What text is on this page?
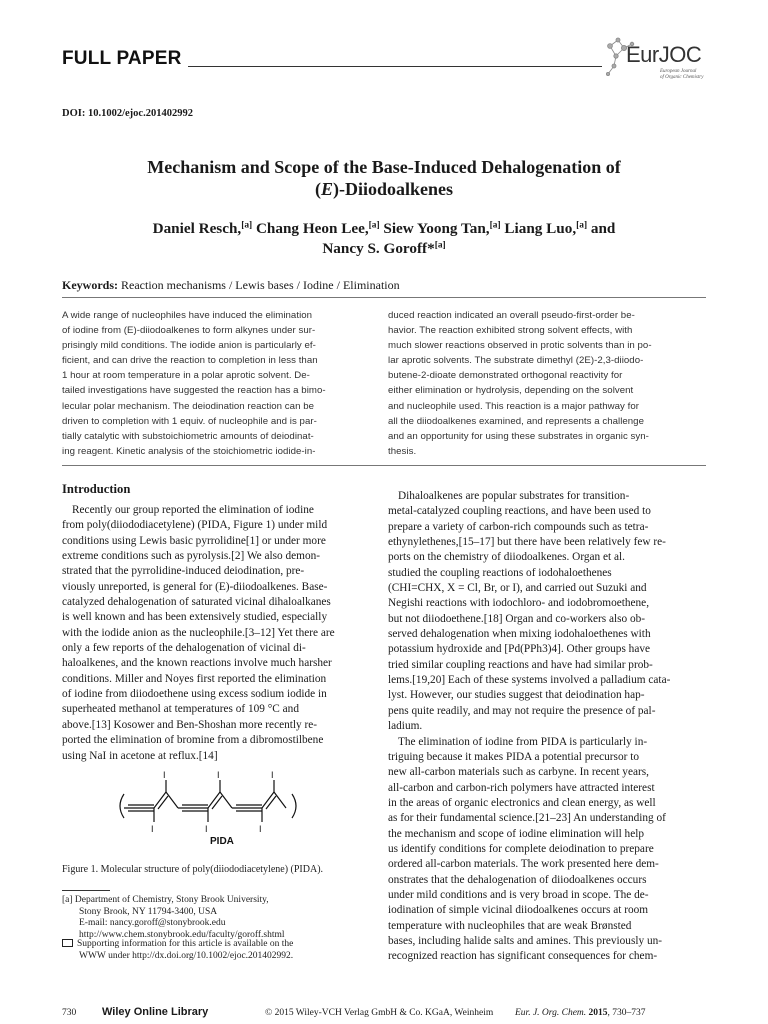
FULL PAPER	EurJOC
European Journal
of Organic Chemistry
DOI: 10.1002/ejoc.201402992
Mechanism and Scope of the Base-Induced Dehalogenation of
(E)-Diiodoalkenes
Daniel Resch,[a] Chang Heon Lee,[a] Siew Yoong Tan,[a] Liang Luo,[a] and
Nancy S. Goroff*[a]
Keywords: Reaction mechanisms / Lewis bases / Iodine / Elimination
A wide range of nucleophiles have induced the elimination
of iodine from (E)-diiodoalkenes to form alkynes under sur-
prisingly mild conditions. The iodide anion is particularly ef-
ficient, and can drive the reaction to completion in less than
1 hour at room temperature in a polar aprotic solvent. De-
tailed investigations have suggested the reaction has a bimo-
lecular polar mechanism. The deiodination reaction can be
driven to completion with 1 equiv. of nucleophile and is par-
tially catalytic with substoichiometric amounts of deiodinat-
ing reagent. Kinetic analysis of the stoichiometric iodide-in-
duced reaction indicated an overall pseudo-first-order be-
havior. The reaction exhibited strong solvent effects, with
much slower reactions observed in protic solvents than in po-
lar aprotic solvents. The substrate dimethyl (2E)-2,3-diiodo-
butene-2-dioate demonstrated orthogonal reactivity for
either elimination or hydrolysis, depending on the solvent
and nucleophile used. This reaction is a major pathway for
all the diiodoalkenes examined, and represents a challenge
and an opportunity for using these substrates in organic syn-
thesis.
Introduction
Recently our group reported the elimination of iodine
from poly(diiododiacetylene) (PIDA, Figure 1) under mild
conditions using Lewis basic pyrrolidine[1] or under more
extreme conditions such as pyrolysis.[2] We also demon-
strated that the pyrrolidine-induced deiodination, pre-
viously unreported, is general for (E)-diiodoalkenes. Base-
catalyzed dehalogenation of saturated vicinal dihaloalkanes
is well known and has been extensively studied, especially
with the iodide anion as the nucleophile.[3–12] Yet there are
only a few reports of the dehalogenation of vicinal di-
haloalkenes, and the known reactions involve much harsher
conditions. Miller and Noyes first reported the elimination
of iodine from diiodoethene using excess sodium iodide in
superheated methanol at temperatures of 109 °C and
above.[13] Kosower and Ben-Shoshan more recently re-
ported the elimination of bromine from a dibromostilbene
using NaI in acetone at reflux.[14]
Dihaloalkenes are popular substrates for transition-
metal-catalyzed coupling reactions, and have been used to
prepare a variety of carbon-rich compounds such as tetra-
ethynylethenes,[15–17] but there have been relatively few re-
ports on the chemistry of diiodoalkenes. Organ et al.
studied the coupling reactions of iodohaloethenes
(CHI=CHX, X = Cl, Br, or I), and carried out Suzuki and
Negishi reactions with iodochloro- and iodobromoethene,
but not diiodoethene.[18] Organ and co-workers also ob-
served dehalogenation when mixing iodohaloethenes with
potassium hydroxide and [Pd(PPh3)4]. Other groups have
tried similar coupling reactions and have had similar prob-
lems.[19,20] Each of these systems involved a palladium cata-
lyst. However, our studies suggest that deiodination hap-
pens quite readily, and may not require the presence of pal-
ladium.
The elimination of iodine from PIDA is particularly in-
triguing because it makes PIDA a potential precursor to
new all-carbon materials such as carbyne. In recent years,
all-carbon and carbon-rich polymers have attracted interest
in the areas of organic electronics and clean energy, as well
as for their fundamental science.[21–23] An understanding of
the mechanism and scope of iodine elimination will help
us identify conditions for complete deiodination to prepare
ordered all-carbon materials. The work presented here dem-
onstrates that the dehalogenation of diiodoalkenes occurs
under mild conditions and is very broad in scope. The de-
iodination of simple vicinal diiodoalkenes occurs at room
temperature with nucleophiles that are weak Brønsted
bases, including halide salts and amines. This previously un-
recognized reaction has significant consequences for chem-
PIDA
I
I
I
I
I
I
Figure 1. Molecular structure of poly(diiododiacetylene) (PIDA).
[a] Department of Chemistry, Stony Brook University,
Stony Brook, NY 11794-3400, USA
E-mail: nancy.goroff@stonybrook.edu
http://www.chem.stonybrook.edu/faculty/goroff.shtml
Supporting information for this article is available on the
WWW under http://dx.doi.org/10.1002/ejoc.201402992.
730 Wiley Online Library	© 2015 Wiley-VCH Verlag GmbH & Co. KGaA, Weinheim Eur. J. Org. Chem. 2015, 730–737
